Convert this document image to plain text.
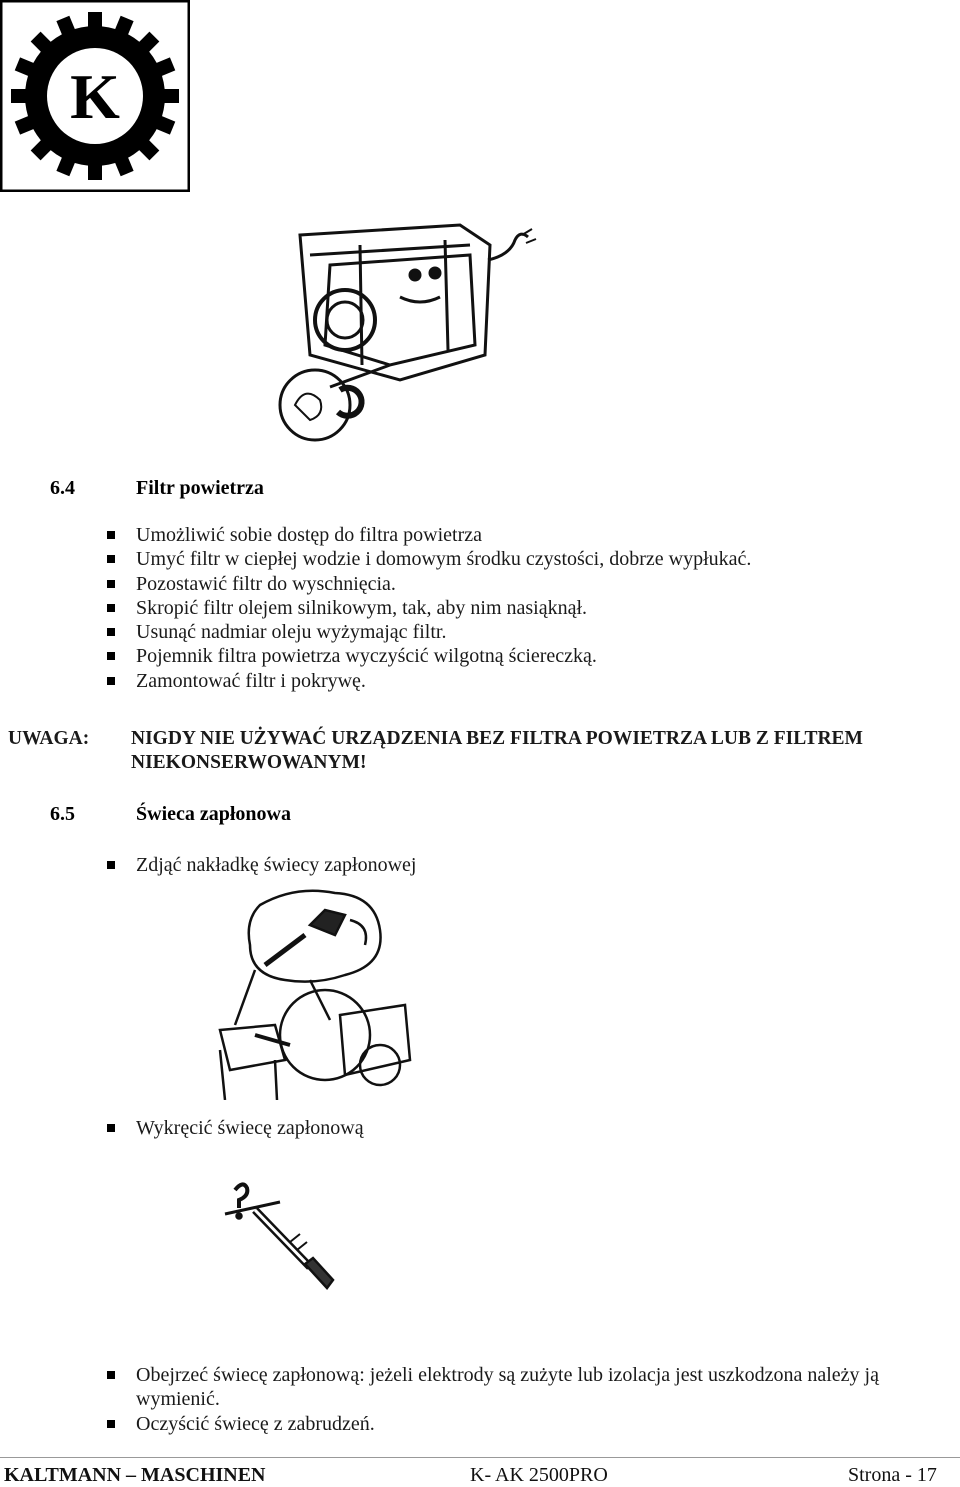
K
6.4	Filtr powietrza
Umożliwić sobie dostęp do filtra powietrza
Umyć filtr w ciepłej wodzie i domowym środku czystości, dobrze wypłukać.
Pozostawić filtr do wyschnięcia.
Skropić filtr olejem silnikowym, tak, aby nim nasiąknął.
Usunąć nadmiar oleju wyżymając filtr.
Pojemnik filtra powietrza wyczyścić wilgotną ściereczką.
Zamontować filtr i pokrywę.
UWAGA: NIGDY NIE UŻYWAĆ URZĄDZENIA BEZ FILTRA POWIETRZA LUB Z FILTREM NIEKONSERWOWANYM!
6.5	Świeca zapłonowa
Zdjąć nakładkę świecy zapłonowej
Wykręcić świecę zapłonową
Obejrzeć świecę zapłonową: jeżeli elektrody są zużyte lub izolacja jest uszkodzona należy ją wymienić.
Oczyścić świecę z zabrudzeń.
KALTMANN – MASCHINEN	K- AK 2500PRO	Strona - 17
